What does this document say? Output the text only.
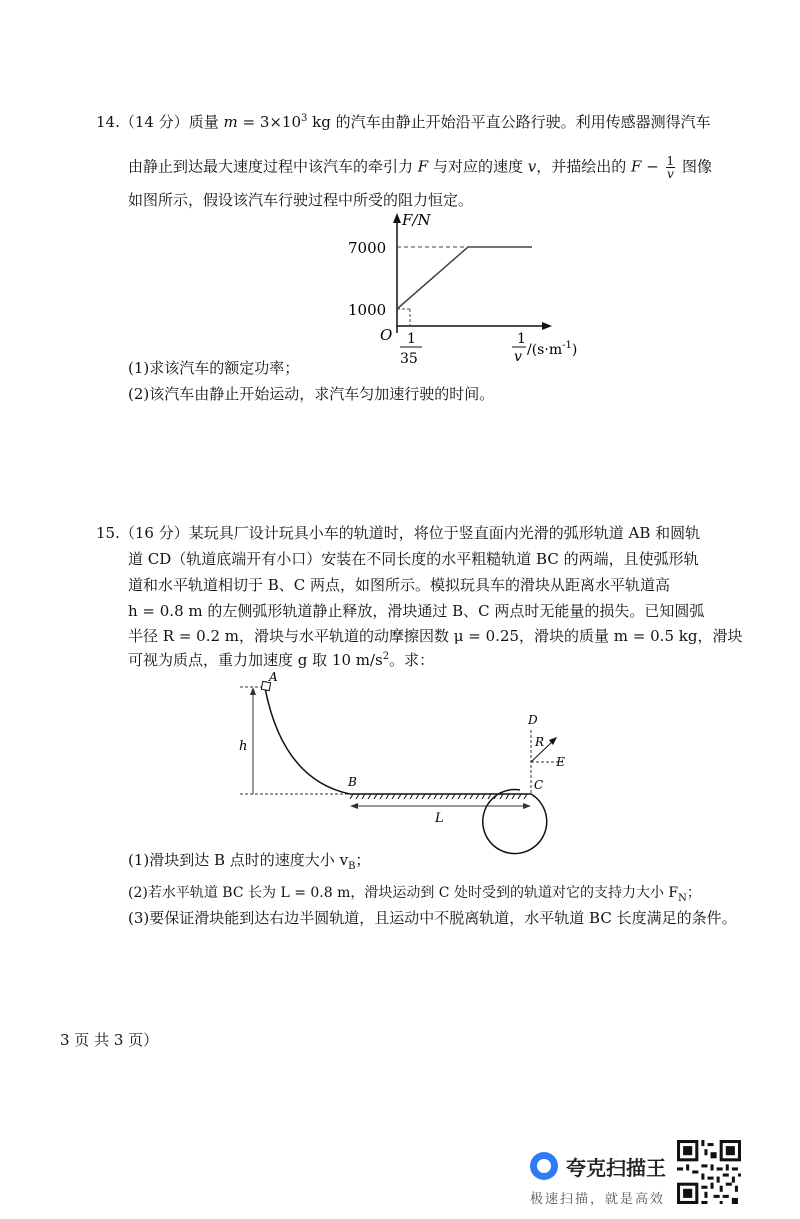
14.（14 分）质量 $m = 3\times 10^3$ kg 的汽车由静止开始沿平直公路行驶。利用传感器测得汽车
由静止到达最大速度过程中该汽车的牵引力 F 与对应的速度 v，并描绘出的 $F - \frac{1}{v}$ 图像
如图所示，假设该汽车行驶过程中所受的阻力恒定。
F/N
7000
1000
O 1
35
1
v $/(s\cdot m^{-1})$
(1)求该汽车的额定功率；
(2)该汽车由静止开始运动，求汽车匀加速行驶的时间。
15.（16 分）某玩具厂设计玩具小车的轨道时，将位于竖直面内光滑的弧形轨道 AB 和圆轨
道 CD（轨道底端开有小口）安装在不同长度的水平粗糙轨道 BC 的两端，且使弧形轨
道和水平轨道相切于 B、C 两点，如图所示。模拟玩具车的滑块从距离水平轨道高
h = 0.8 m 的左侧弧形轨道静止释放，滑块通过 B、C 两点时无能量的损失。已知圆弧
半径 R = 0.2 m，滑块与水平轨道的动摩擦因数 μ = 0.25，滑块的质量 m = 0.5 kg，滑块
可视为质点，重力加速度 g 取 10 $m/s^2$。求：
h
A
B
L
R
D
E
C
(1)滑块到达 B 点时的速度大小 $v_B$；
(2)若水平轨道 BC 长为 L = 0.8 m，滑块运动到 C 处时受到的轨道对它的支持力大小 $F_N$；
(3)要保证滑块能到达右边半圆轨道，且运动中不脱离轨道，水平轨道 BC 长度满足的条件。
3 页 共 3 页）
夸克扫描王
极速扫描，就是高效
